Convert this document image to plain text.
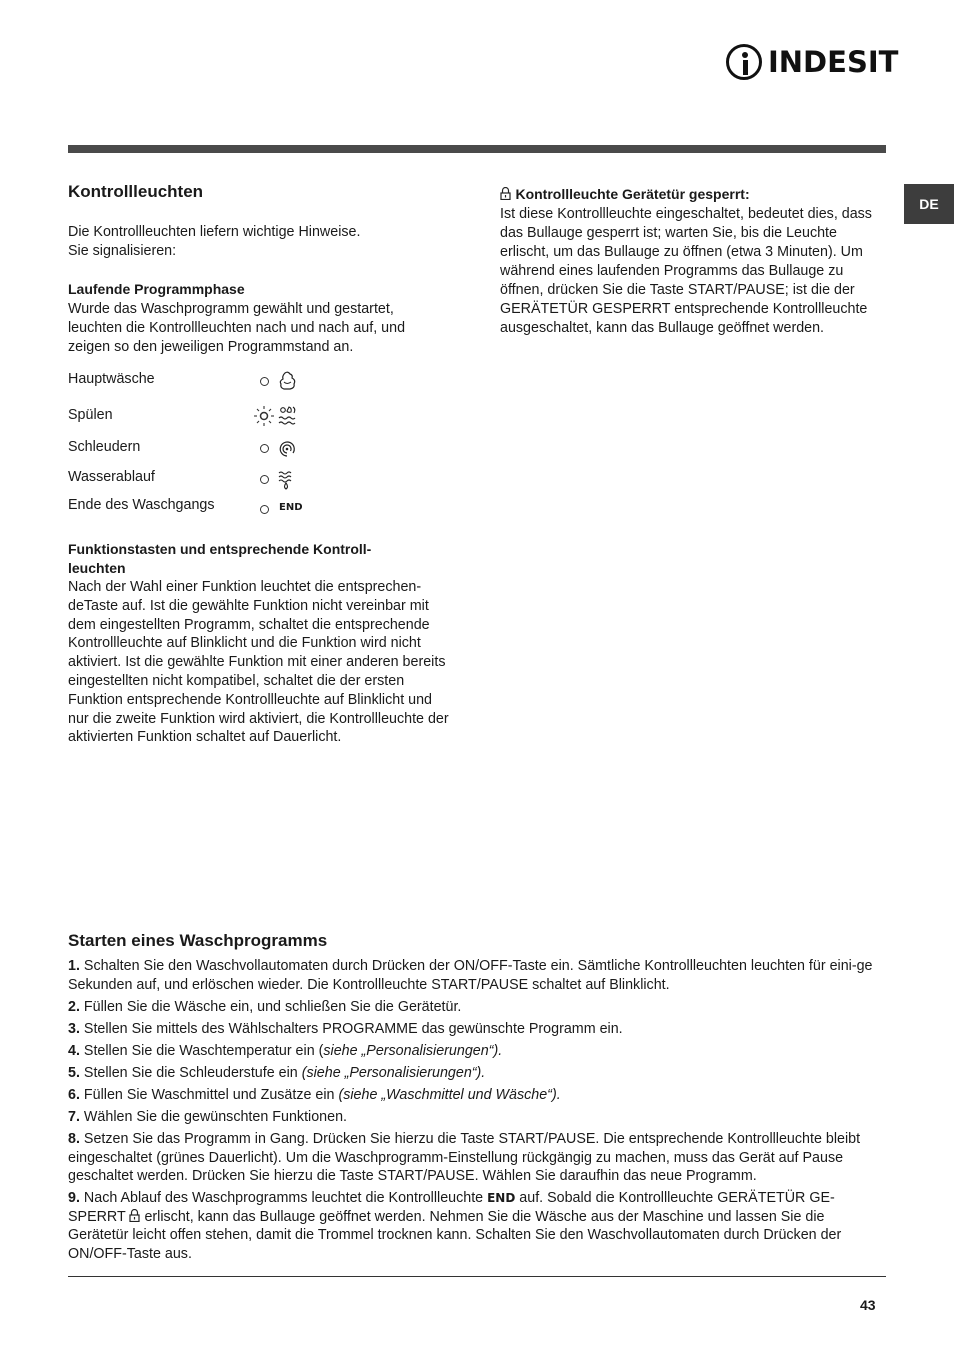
INDESIT
DE
Kontrollleuchten

Die Kontrollleuchten liefern wichtige Hinweise.

Sie signalisieren:

Laufende Programmphase

Wurde das Waschprogramm gewählt und gestartet, leuchten die Kontrollleuchten nach und nach auf, und zeigen so den jeweiligen Programmstand an.

Hauptwäsche
Spülen
Schleudern
Wasserablauf
Ende des Waschgangs	END

Funktionstasten und entsprechende Kontroll-

leuchten

Nach der Wahl einer Funktion leuchtet die entsprechen-deTaste auf. Ist die gewählte Funktion nicht vereinbar mit dem eingestellten Programm, schaltet die entsprechende Kontrollleuchte auf Blinklicht und die Funktion wird nicht aktiviert. Ist die gewählte Funktion mit einer anderen bereits eingestellten nicht kompatibel, schaltet die der ersten Funktion entsprechende Kontrollleuchte auf Blinklicht und nur die zweite Funktion wird aktiviert, die Kontrollleuchte der aktivierten Funktion schaltet auf Dauerlicht.

Kontrollleuchte Gerätetür gesperrt:

Ist diese Kontrollleuchte eingeschaltet, bedeutet dies, dass das Bullauge gesperrt ist; warten Sie, bis die Leuchte erlischt, um das Bullauge zu öffnen (etwa 3 Minuten). Um während eines laufenden Programms das Bullauge zu öffnen, drücken Sie die Taste START/PAUSE; ist die der GERÄTETÜR GESPERRT entsprechende Kontrollleuchte ausgeschaltet, kann das Bullauge geöffnet werden.

Starten eines Waschprogramms
1. Schalten Sie den Waschvollautomaten durch Drücken der ON/OFF-Taste ein. Sämtliche Kontrollleuchten leuchten für eini-ge Sekunden auf, und erlöschen wieder. Die Kontrollleuchte START/PAUSE schaltet auf Blinklicht.
2. Füllen Sie die Wäsche ein, und schließen Sie die Gerätetür.
3. Stellen Sie mittels des Wählschalters PROGRAMME das gewünschte Programm ein.
4. Stellen Sie die Waschtemperatur ein (siehe „Personalisierungen“).
5. Stellen Sie die Schleuderstufe ein (siehe „Personalisierungen“).
6. Füllen Sie Waschmittel und Zusätze ein (siehe „Waschmittel und Wäsche“).
7. Wählen Sie die gewünschten Funktionen.
8. Setzen Sie das Programm in Gang. Drücken Sie hierzu die Taste START/PAUSE. Die entsprechende Kontrollleuchte bleibt eingeschaltet (grünes Dauerlicht). Um die Waschprogramm-Einstellung rückgängig zu machen, muss das Gerät auf Pause geschaltet werden. Drücken Sie hierzu die Taste START/PAUSE. Wählen Sie daraufhin das neue Programm.
9. Nach Ablauf des Waschprogramms leuchtet die Kontrollleuchte END auf. Sobald die Kontrollleuchte GERÄTETÜR GE-SPERRT erlischt, kann das Bullauge geöffnet werden. Nehmen Sie die Wäsche aus der Maschine und lassen Sie die Gerätetür leicht offen stehen, damit die Trommel trocknen kann. Schalten Sie den Waschvollautomaten durch Drücken der ON/OFF-Taste aus.
43
